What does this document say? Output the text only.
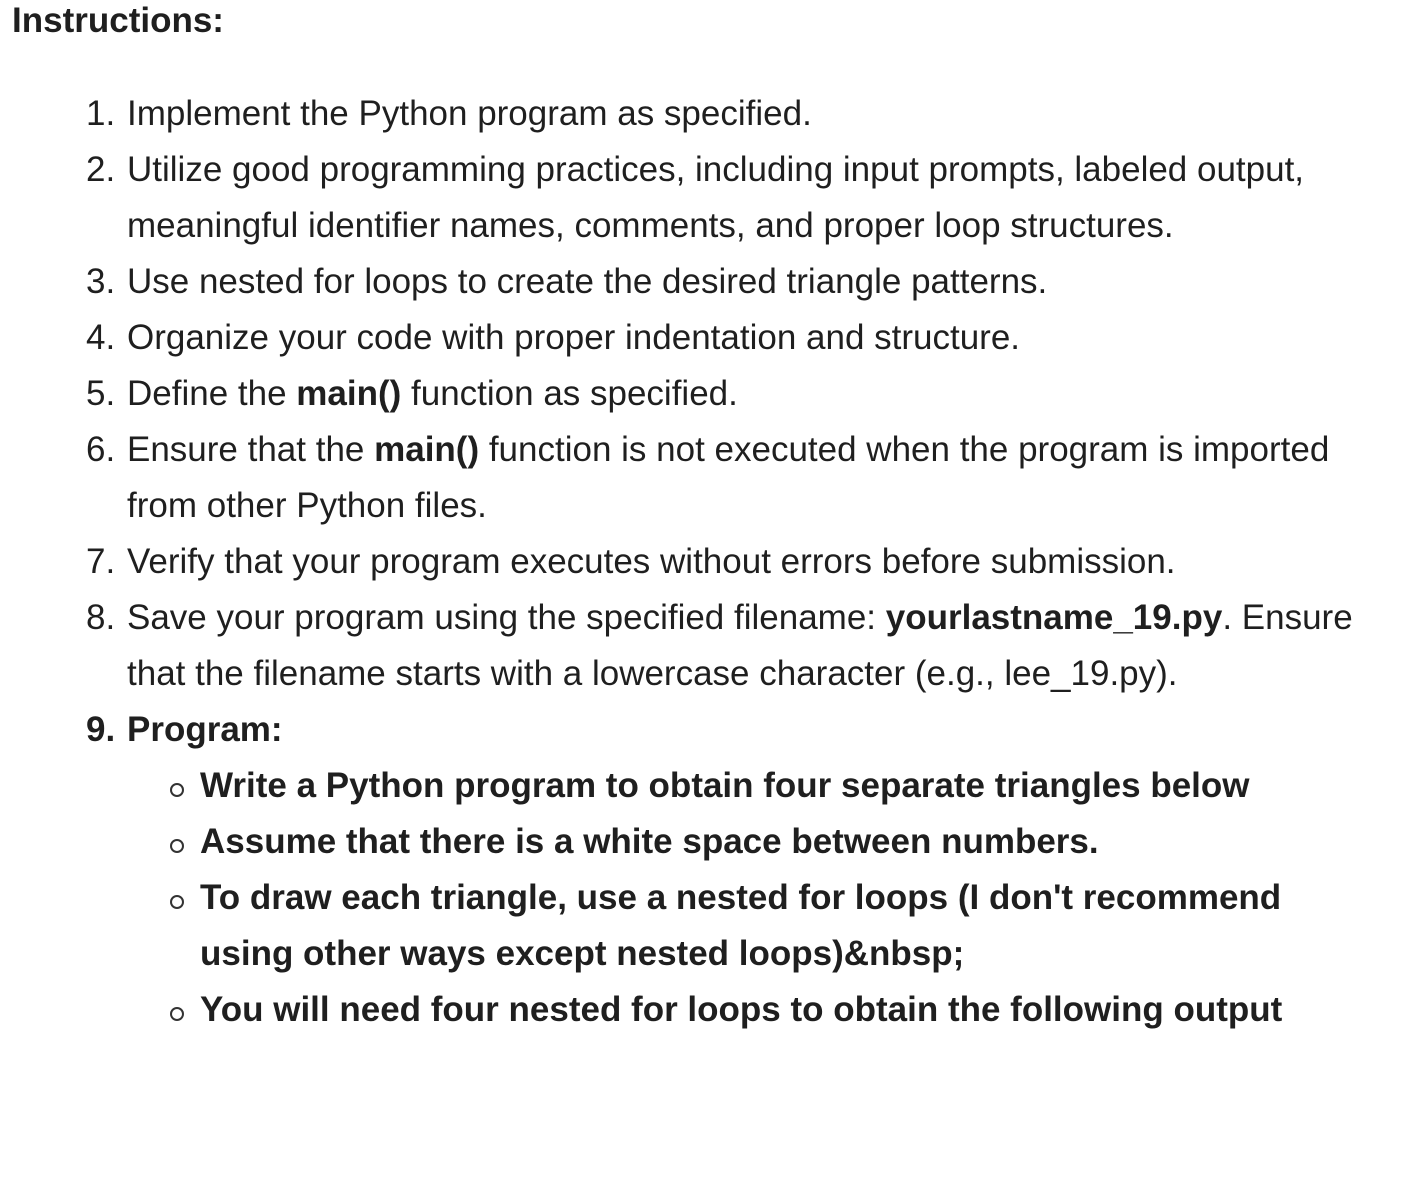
Instructions:
1. Implement the Python program as specified.
2. Utilize good programming practices, including input prompts, labeled output, meaningful identifier names, comments, and proper loop structures.
3. Use nested for loops to create the desired triangle patterns.
4. Organize your code with proper indentation and structure.
5. Define the main() function as specified.
6. Ensure that the main() function is not executed when the program is imported from other Python files.
7. Verify that your program executes without errors before submission.
8. Save your program using the specified filename: yourlastname_19.py. Ensure that the filename starts with a lowercase character (e.g., lee_19.py).
9. Program:
Write a Python program to obtain four separate triangles below
Assume that there is a white space between numbers.
To draw each triangle, use a nested for loops (I don't recommend using other ways except nested loops)&nbsp;
You will need four nested for loops to obtain the following output
